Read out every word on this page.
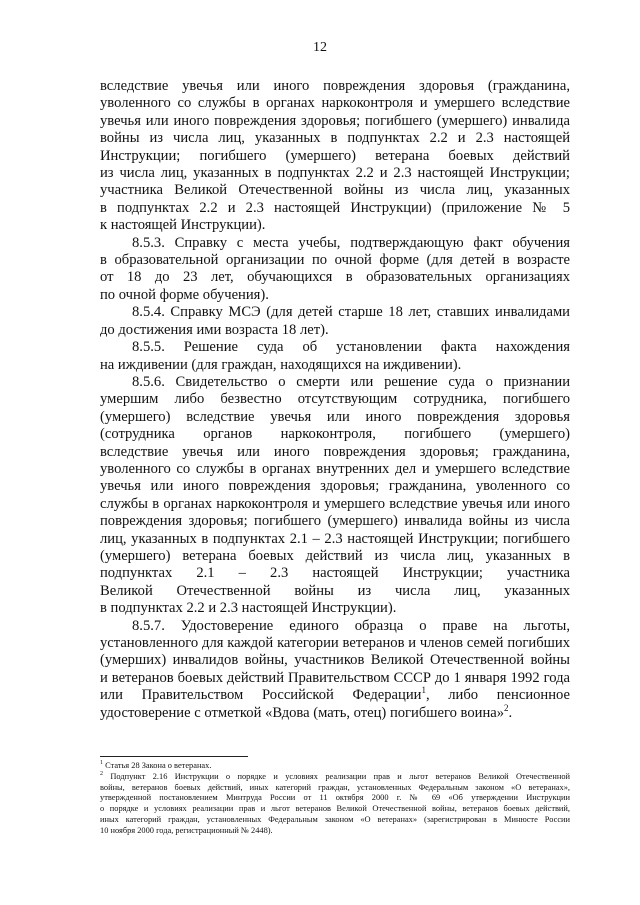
12
вследствие увечья или иного повреждения здоровья (гражданина,
уволенного со службы в органах наркоконтроля и умершего вследствие
увечья или иного повреждения здоровья; погибшего (умершего) инвалида
войны из числа лиц, указанных в подпунктах 2.2 и 2.3 настоящей
Инструкции; погибшего (умершего) ветерана боевых действий
из числа лиц, указанных в подпунктах 2.2 и 2.3 настоящей Инструкции;
участника Великой Отечественной войны из числа лиц, указанных
в подпунктах 2.2 и 2.3 настоящей Инструкции) (приложение № 5
к настоящей Инструкции).
8.5.3. Справку с места учебы, подтверждающую факт обучения
в образовательной организации по очной форме (для детей в возрасте
от 18 до 23 лет, обучающихся в образовательных организациях
по очной форме обучения).
8.5.4. Справку МСЭ (для детей старше 18 лет, ставших инвалидами
до достижения ими возраста 18 лет).
8.5.5. Решение суда об установлении факта нахождения
на иждивении (для граждан, находящихся на иждивении).
8.5.6. Свидетельство о смерти или решение суда о признании
умершим либо безвестно отсутствующим сотрудника, погибшего
(умершего) вследствие увечья или иного повреждения здоровья
(сотрудника органов наркоконтроля, погибшего (умершего)
вследствие увечья или иного повреждения здоровья; гражданина,
уволенного со службы в органах внутренних дел и умершего вследствие
увечья или иного повреждения здоровья; гражданина, уволенного со
службы в органах наркоконтроля и умершего вследствие увечья или иного
повреждения здоровья; погибшего (умершего) инвалида войны из числа
лиц, указанных в подпунктах 2.1 – 2.3 настоящей Инструкции; погибшего
(умершего) ветерана боевых действий из числа лиц, указанных в
подпунктах 2.1 – 2.3 настоящей Инструкции; участника
Великой Отечественной войны из числа лиц, указанных
в подпунктах 2.2 и 2.3 настоящей Инструкции).
8.5.7. Удостоверение единого образца о праве на льготы,
установленного для каждой категории ветеранов и членов семей погибших
(умерших) инвалидов войны, участников Великой Отечественной войны
и ветеранов боевых действий Правительством СССР до 1 января 1992 года
или Правительством Российской Федерации$^1$, либо пенсионное
удостоверение с отметкой «Вдова (мать, отец) погибшего воина»$^2$.
$^1$ Статья 28 Закона о ветеранах.
$^2$ Подпункт 2.16 Инструкции о порядке и условиях реализации прав и льгот ветеранов Великой Отечественной
войны, ветеранов боевых действий, иных категорий граждан, установленных Федеральным законом «О ветеранах»,
утвержденной постановлением Минтруда России от 11 октября 2000 г. № 69 «Об утверждении Инструкции
о порядке и условиях реализации прав и льгот ветеранов Великой Отечественной войны, ветеранов боевых действий,
иных категорий граждан, установленных Федеральным законом «О ветеранах» (зарегистрирован в Минюсте России
10 ноября 2000 года, регистрационный № 2448).
